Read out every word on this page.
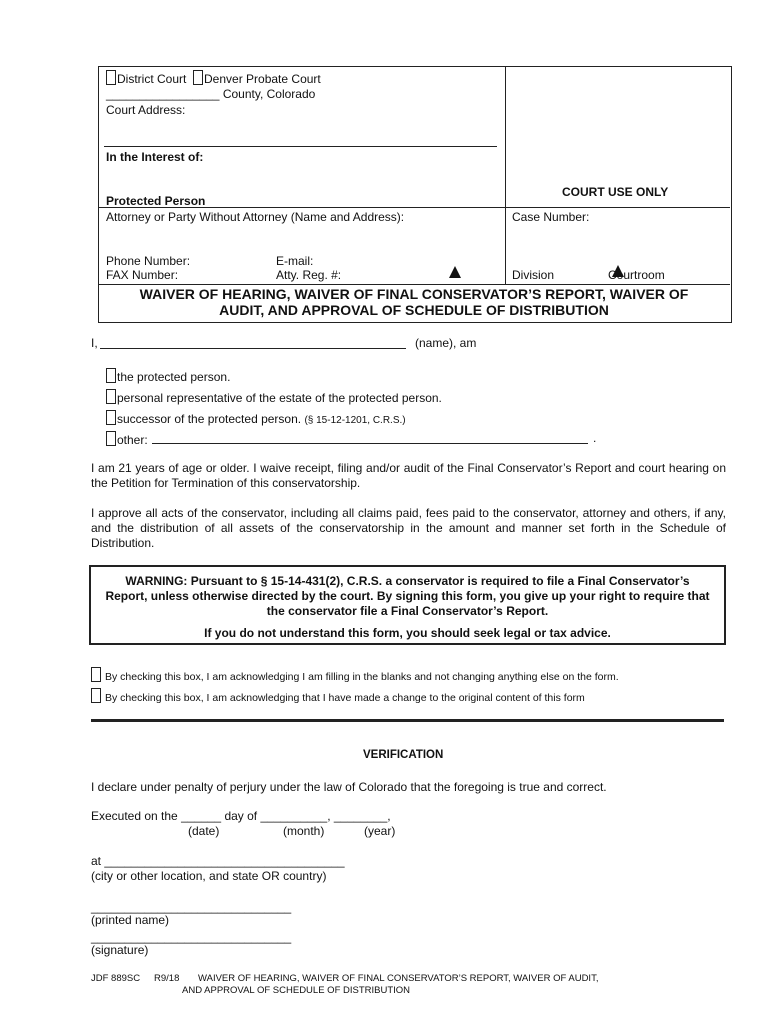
District Court Denver Probate Court
_________________ County, Colorado
Court Address:
In the Interest of:
Protected Person
COURT USE ONLY
Attorney or Party Without Attorney (Name and Address):	Case Number:
Phone Number:	E-mail:
FAX Number:	Atty. Reg. #:	Division	Courtroom
WAIVER OF HEARING, WAIVER OF FINAL CONSERVATOR’S REPORT, WAIVER OF
AUDIT, AND APPROVAL OF SCHEDULE OF DISTRIBUTION
I,	(name), am
the protected person.
personal representative of the estate of the protected person.
successor of the protected person. (§ 15-12-1201, C.R.S.)
other:	.
I am 21 years of age or older. I waive receipt, filing and/or audit of the Final Conservator’s Report and court hearing on the Petition for Termination of this conservatorship.
I approve all acts of the conservator, including all claims paid, fees paid to the conservator, attorney and others, if any, and the distribution of all assets of the conservatorship in the amount and manner set forth in the Schedule of Distribution.
WARNING: Pursuant to § 15-14-431(2), C.R.S. a conservator is required to file a Final Conservator’s Report, unless otherwise directed by the court. By signing this form, you give up your right to require that the conservator file a Final Conservator’s Report.
If you do not understand this form, you should seek legal or tax advice.
By checking this box, I am acknowledging I am filling in the blanks and not changing anything else on the form.
By checking this box, I am acknowledging that I have made a change to the original content of this form
VERIFICATION
I declare under penalty of perjury under the law of Colorado that the foregoing is true and correct.
Executed on the ______ day of __________, ________,
(date)	(month)	(year)
at ____________________________________
(city or other location, and state OR country)
______________________________
(printed name)
______________________________
(signature)
JDF 889SC R9/18 WAIVER OF HEARING, WAIVER OF FINAL CONSERVATOR’S REPORT, WAIVER OF AUDIT,
AND APPROVAL OF SCHEDULE OF DISTRIBUTION
